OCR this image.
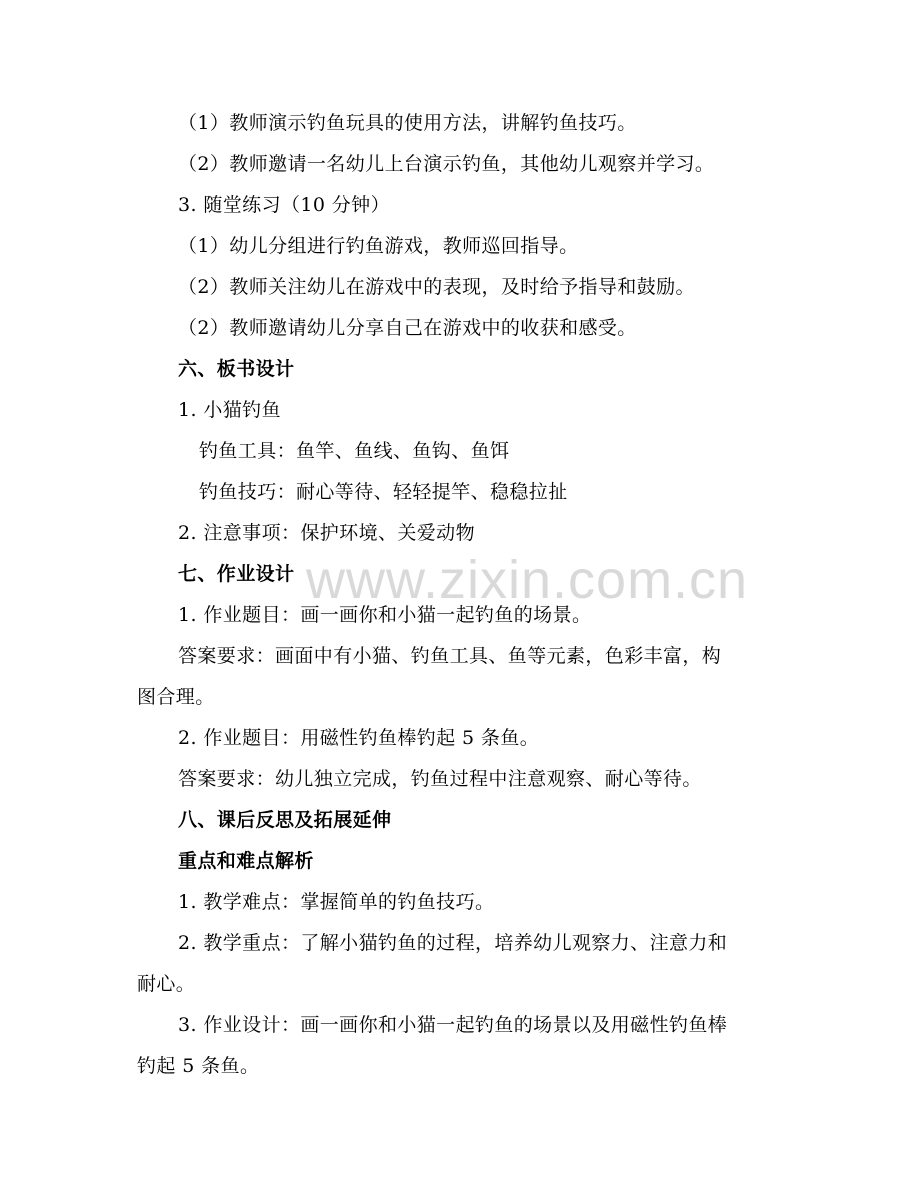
www.zixin.com.cn
（1）教师演示钓鱼玩具的使用方法，讲解钓鱼技巧。
（2）教师邀请一名幼儿上台演示钓鱼，其他幼儿观察并学习。
3. 随堂练习（10 分钟）
（1）幼儿分组进行钓鱼游戏，教师巡回指导。
（2）教师关注幼儿在游戏中的表现，及时给予指导和鼓励。
（2）教师邀请幼儿分享自己在游戏中的收获和感受。
六、板书设计
1. 小猫钓鱼
钓鱼工具：鱼竿、鱼线、鱼钩、鱼饵
钓鱼技巧：耐心等待、轻轻提竿、稳稳拉扯
2. 注意事项：保护环境、关爱动物
七、作业设计
1. 作业题目：画一画你和小猫一起钓鱼的场景。
答案要求：画面中有小猫、钓鱼工具、鱼等元素，色彩丰富，构
图合理。
2. 作业题目：用磁性钓鱼棒钓起 5 条鱼。
答案要求：幼儿独立完成，钓鱼过程中注意观察、耐心等待。
八、课后反思及拓展延伸
重点和难点解析
1. 教学难点：掌握简单的钓鱼技巧。
2. 教学重点：了解小猫钓鱼的过程，培养幼儿观察力、注意力和
耐心。
3. 作业设计：画一画你和小猫一起钓鱼的场景以及用磁性钓鱼棒
钓起 5 条鱼。
